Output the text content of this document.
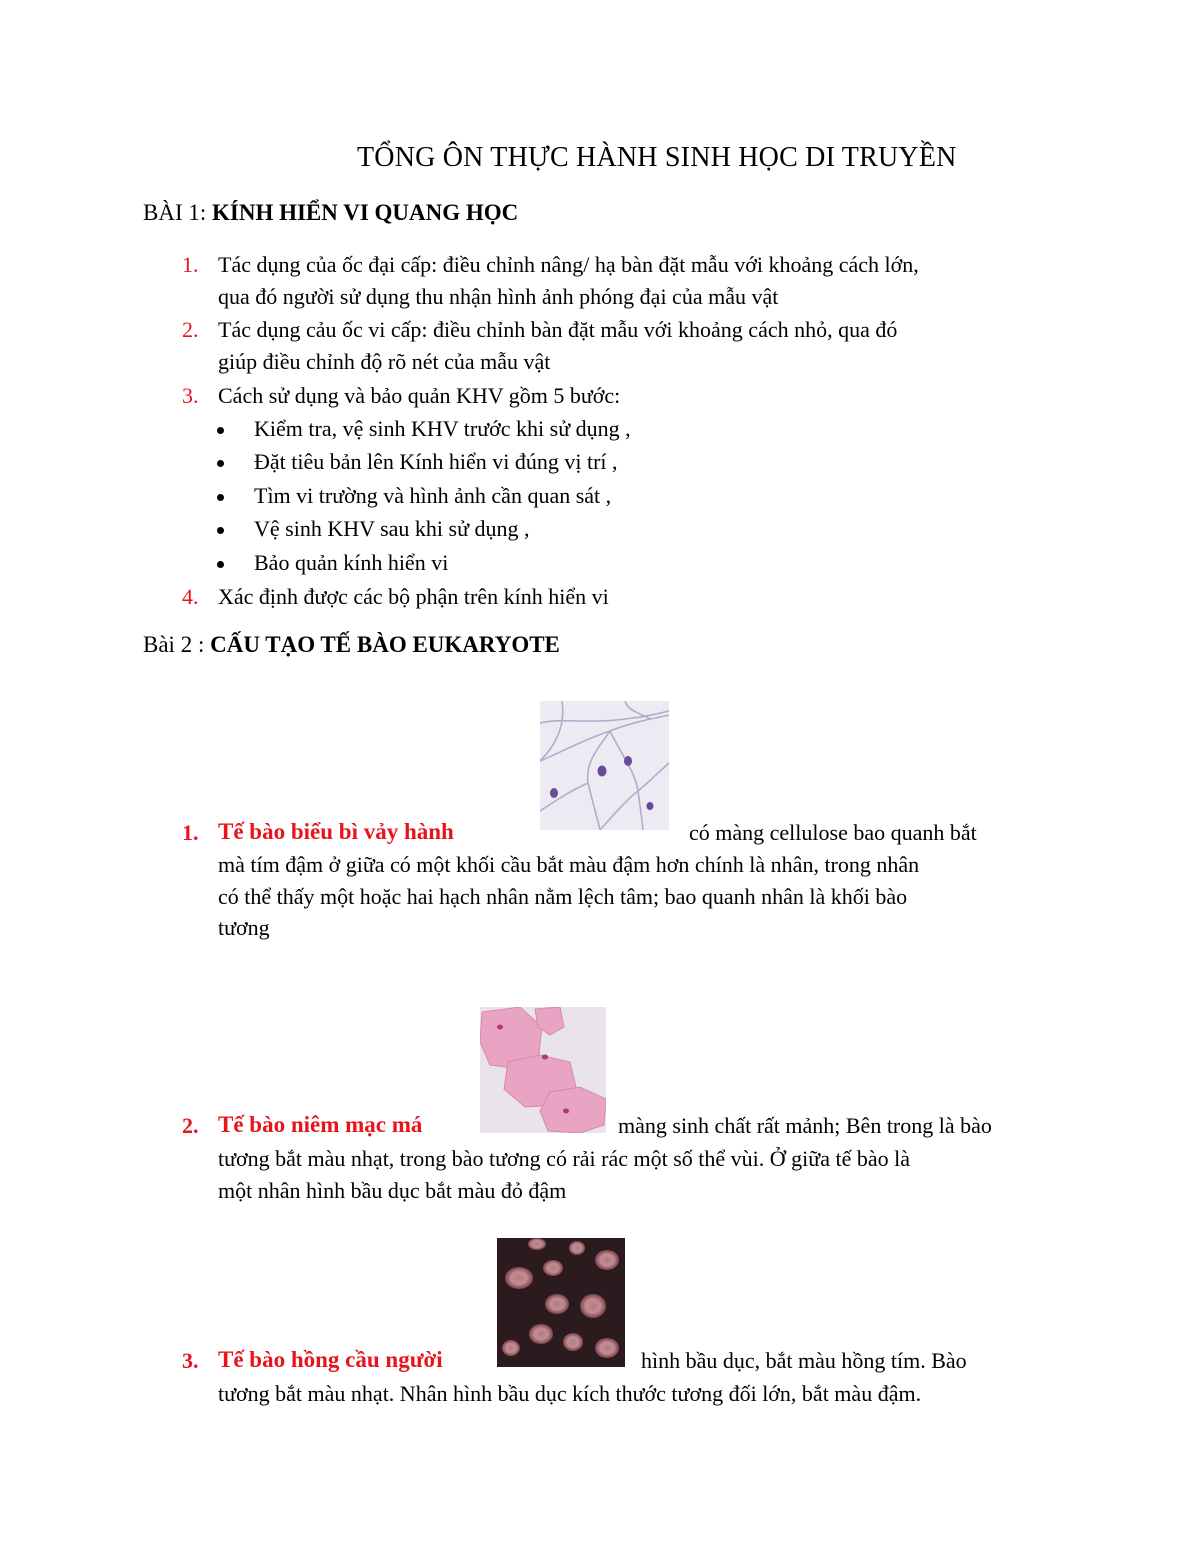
TỔNG ÔN THỰC HÀNH SINH HỌC DI TRUYỀN
BÀI 1: KÍNH HIỂN VI QUANG HỌC
1. Tác dụng của ốc đại cấp: điều chỉnh nâng/ hạ bàn đặt mẫu với khoảng cách lớn,
qua đó người sử dụng thu nhận hình ảnh phóng đại của mẫu vật
2. Tác dụng cảu ốc vi cấp: điều chỉnh bàn đặt mẫu với khoảng cách nhỏ, qua đó
giúp điều chỉnh độ rõ nét của mẫu vật
3. Cách sử dụng và bảo quản KHV gồm 5 bước:
Kiểm tra, vệ sinh KHV trước khi sử dụng ,
Đặt tiêu bản lên Kính hiển vi đúng vị trí ,
Tìm vi trường và hình ảnh cần quan sát ,
Vệ sinh KHV sau khi sử dụng ,
Bảo quản kính hiển vi
4. Xác định được các bộ phận trên kính hiển vi
Bài 2 : CẤU TẠO TẾ BÀO EUKARYOTE
1. Tế bào biểu bì vảy hành	có màng cellulose bao quanh bắt
mà tím đậm ở giữa có một khối cầu bắt màu đậm hơn chính là nhân, trong nhân
có thể thấy một hoặc hai hạch nhân nằm lệch tâm; bao quanh nhân là khối bào
tương
2. Tế bào niêm mạc má	màng sinh chất rất mảnh; Bên trong là bào
tương bắt màu nhạt, trong bào tương có rải rác một số thể vùi. Ở giữa tế bào là
một nhân hình bầu dục bắt màu đỏ đậm
3. Tế bào hồng cầu người	hình bầu dục, bắt màu hồng tím. Bào
tương bắt màu nhạt. Nhân hình bầu dục kích thước tương đối lớn, bắt màu đậm.
